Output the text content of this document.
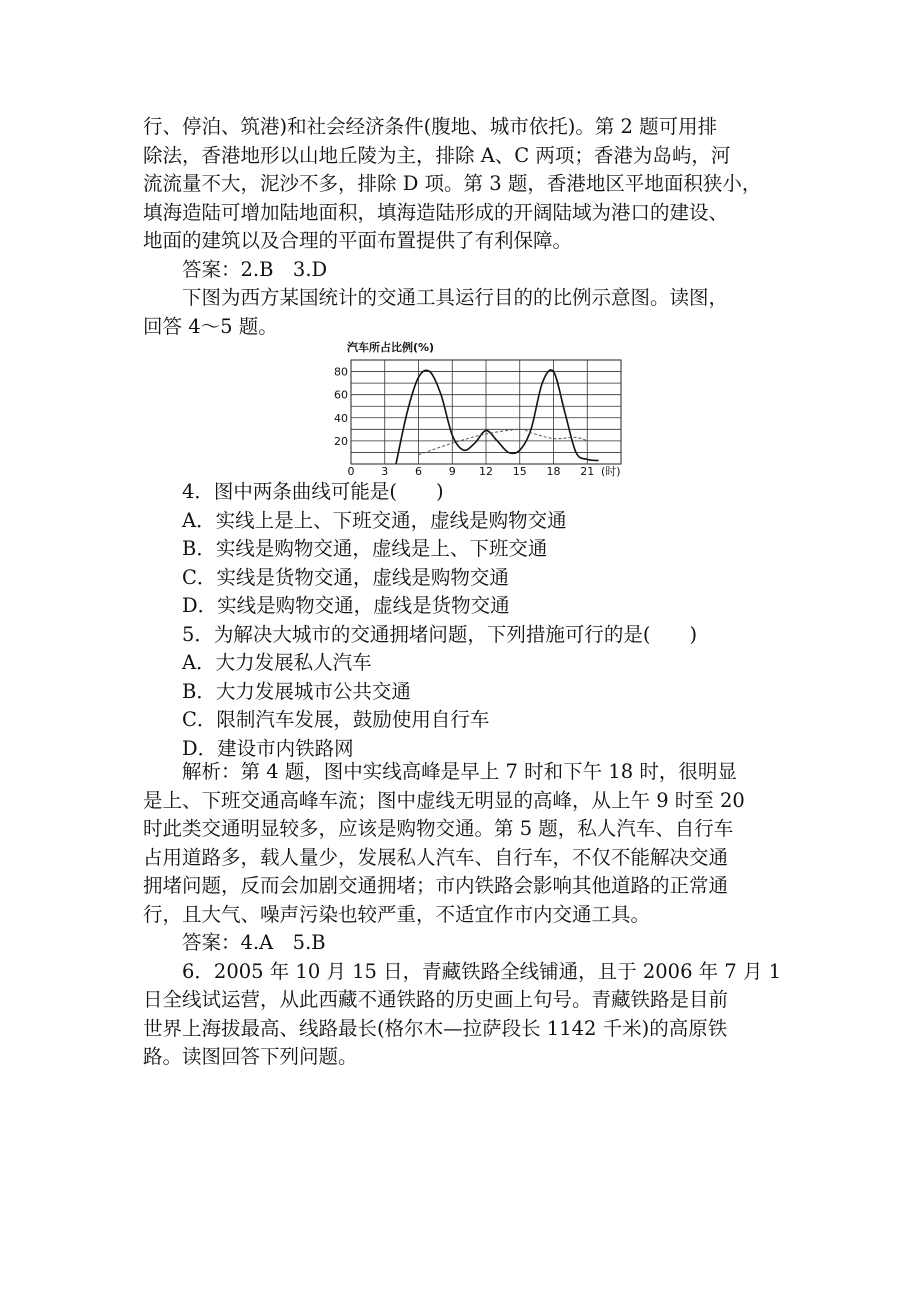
行、停泊、筑港)和社会经济条件(腹地、城市依托)。第 2 题可用排
除法，香港地形以山地丘陵为主，排除 A、C 两项；香港为岛屿，河
流流量不大，泥沙不多，排除 D 项。第 3 题，香港地区平地面积狭小，
填海造陆可增加陆地面积，填海造陆形成的开阔陆域为港口的建设、
地面的建筑以及合理的平面布置提供了有利保障。
答案：2.B　3.D
下图为西方某国统计的交通工具运行目的的比例示意图。读图，
回答 4～5 题。
汽车所占比例(%)
20
40
60
80
0 3 6 9 12 15 18 21 (时)
4．图中两条曲线可能是(　　)
A．实线上是上、下班交通，虚线是购物交通
B．实线是购物交通，虚线是上、下班交通
C．实线是货物交通，虚线是购物交通
D．实线是购物交通，虚线是货物交通
5．为解决大城市的交通拥堵问题，下列措施可行的是(　　)
A．大力发展私人汽车
B．大力发展城市公共交通
C．限制汽车发展，鼓励使用自行车
D．建设市内铁路网
解析：第 4 题，图中实线高峰是早上 7 时和下午 18 时，很明显
是上、下班交通高峰车流；图中虚线无明显的高峰，从上午 9 时至 20
时此类交通明显较多，应该是购物交通。第 5 题，私人汽车、自行车
占用道路多，载人量少，发展私人汽车、自行车，不仅不能解决交通
拥堵问题，反而会加剧交通拥堵；市内铁路会影响其他道路的正常通
行，且大气、噪声污染也较严重，不适宜作市内交通工具。
答案：4.A　5.B
6．2005 年 10 月 15 日，青藏铁路全线铺通，且于 2006 年 7 月 1
日全线试运营，从此西藏不通铁路的历史画上句号。青藏铁路是目前
世界上海拔最高、线路最长(格尔木—拉萨段长 1142 千米)的高原铁
路。读图回答下列问题。
